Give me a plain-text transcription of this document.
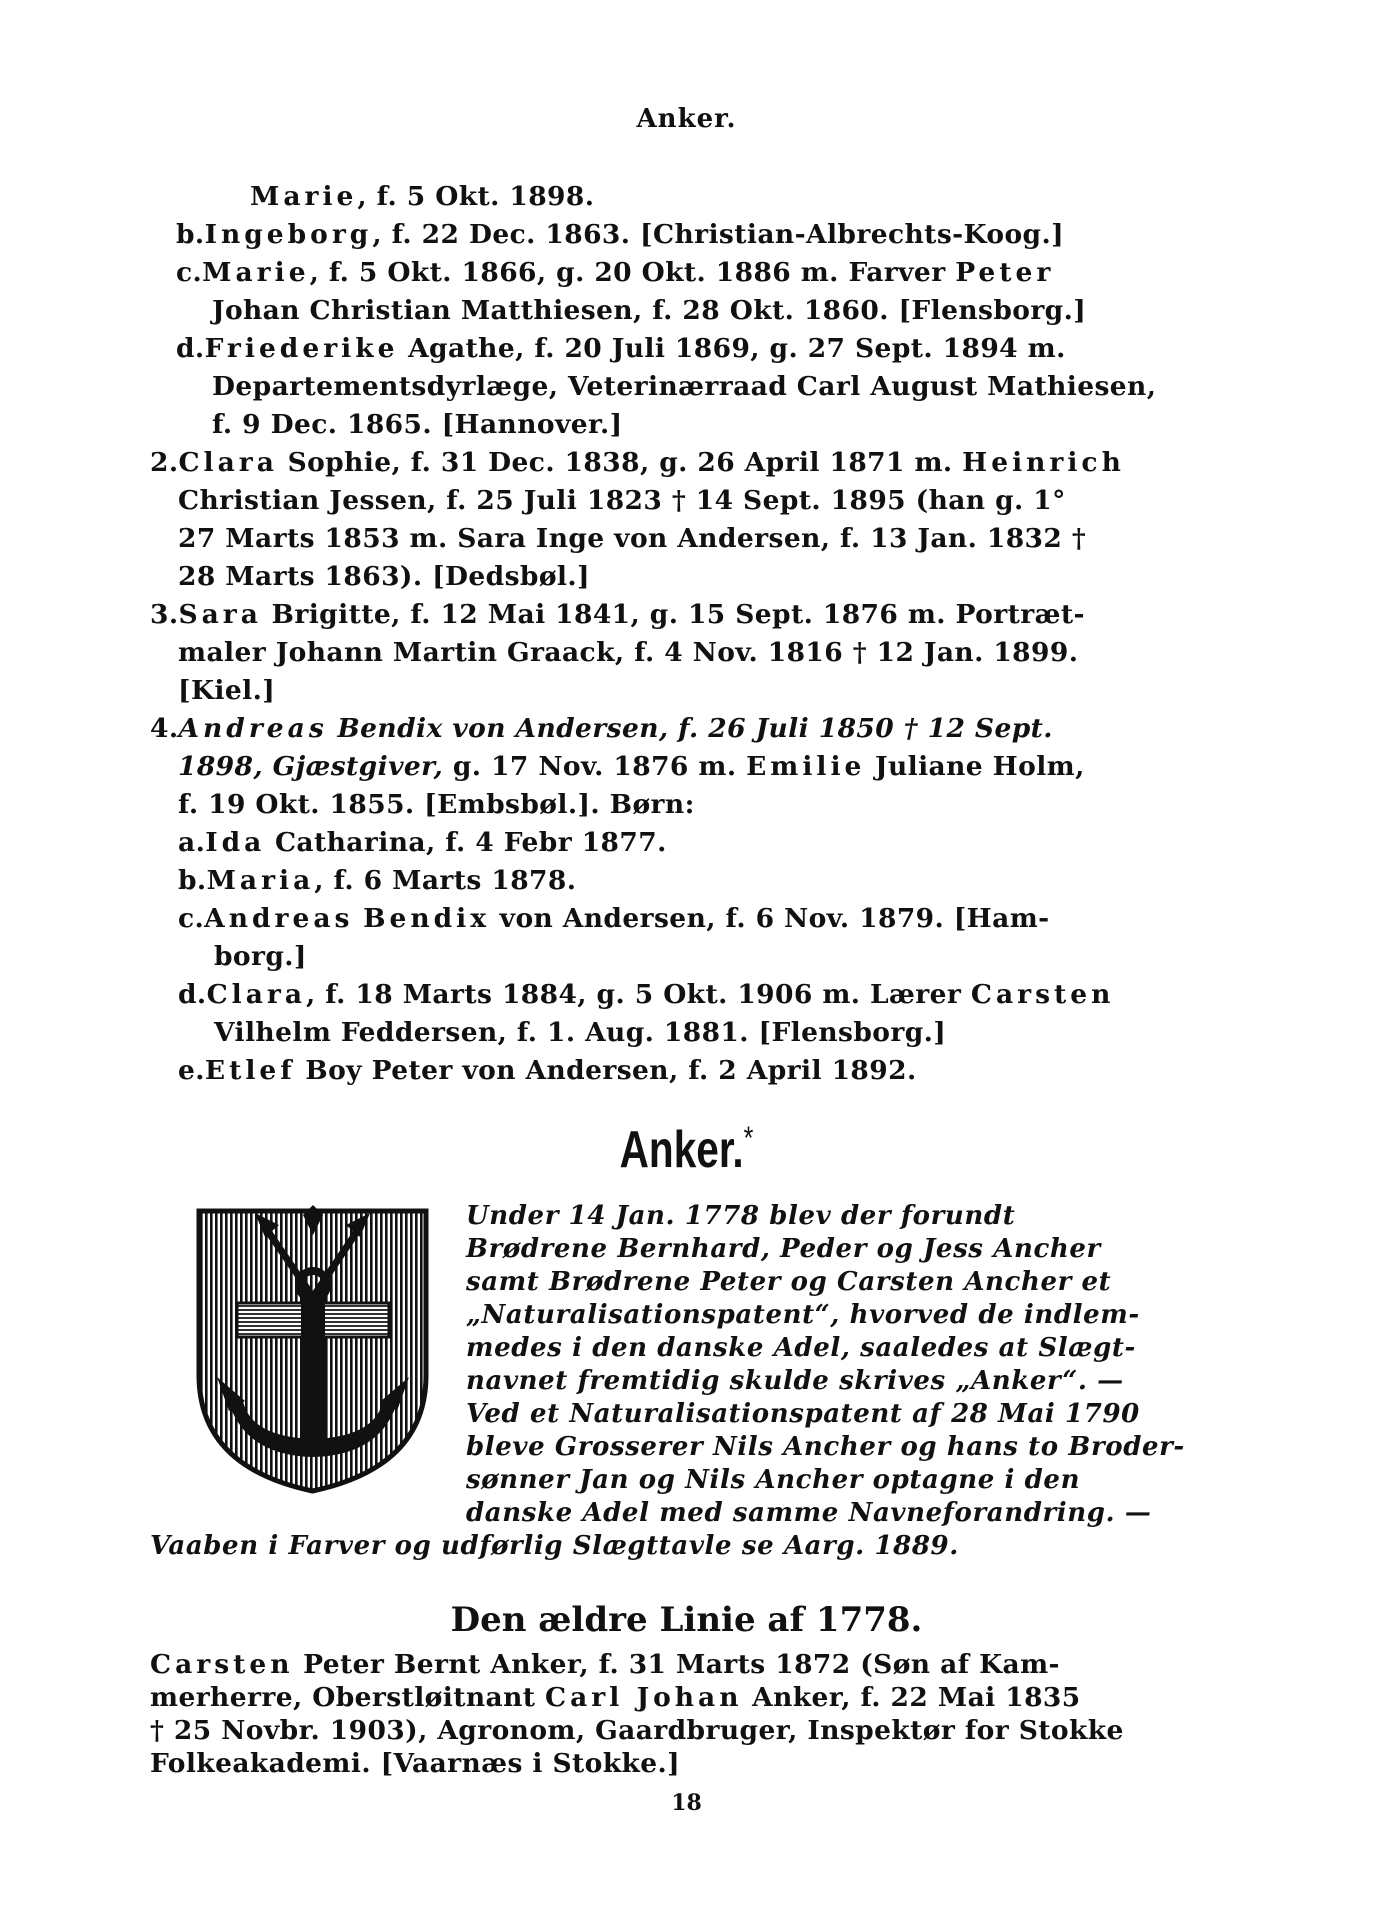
Anker.
Marie, f. 5 Okt. 1898.
b.Ingeborg, f. 22 Dec. 1863. [Christian-Albrechts-Koog.]
c.Marie, f. 5 Okt. 1866, g. 20 Okt. 1886 m. Farver Peter
Johan Christian Matthiesen, f. 28 Okt. 1860. [Flensborg.]
d.Friederike Agathe, f. 20 Juli 1869, g. 27 Sept. 1894 m.
Departementsdyrlæge, Veterinærraad Carl August Mathiesen,
f. 9 Dec. 1865. [Hannover.]
2.Clara Sophie, f. 31 Dec. 1838, g. 26 April 1871 m. Heinrich
Christian Jessen, f. 25 Juli 1823 † 14 Sept. 1895 (han g. 1°
27 Marts 1853 m. Sara Inge von Andersen, f. 13 Jan. 1832 †
28 Marts 1863). [Dedsbøl.]
3.Sara Brigitte, f. 12 Mai 1841, g. 15 Sept. 1876 m. Portræt-
maler Johann Martin Graack, f. 4 Nov. 1816 † 12 Jan. 1899.
[Kiel.]
4.Andreas Bendix von Andersen, f. 26 Juli 1850 † 12 Sept.
1898, Gjæstgiver, g. 17 Nov. 1876 m. Emilie Juliane Holm,
f. 19 Okt. 1855. [Embsbøl.]. Børn:
a.Ida Catharina, f. 4 Febr 1877.
b.Maria, f. 6 Marts 1878.
c.Andreas Bendix von Andersen, f. 6 Nov. 1879. [Ham-
borg.]
d.Clara, f. 18 Marts 1884, g. 5 Okt. 1906 m. Lærer Carsten
Vilhelm Feddersen, f. 1. Aug. 1881. [Flensborg.]
e.Etlef Boy Peter von Andersen, f. 2 April 1892.
Anker.*
Under 14 Jan. 1778 blev der forundt
Brødrene Bernhard, Peder og Jess Ancher
samt Brødrene Peter og Carsten Ancher et
„Naturalisationspatent“, hvorved de indlem-
medes i den danske Adel, saaledes at Slægt-
navnet fremtidig skulde skrives „Anker“. —
Ved et Naturalisationspatent af 28 Mai 1790
bleve Grosserer Nils Ancher og hans to Broder-
sønner Jan og Nils Ancher optagne i den
danske Adel med samme Navneforandring. —
Vaaben i Farver og udførlig Slægttavle se Aarg. 1889.
Den ældre Linie af 1778.
Carsten Peter Bernt Anker, f. 31 Marts 1872 (Søn af Kam-
merherre, Oberstløitnant Carl Johan Anker, f. 22 Mai 1835
† 25 Novbr. 1903), Agronom, Gaardbruger, Inspektør for Stokke
Folkeakademi. [Vaarnæs i Stokke.]
18
